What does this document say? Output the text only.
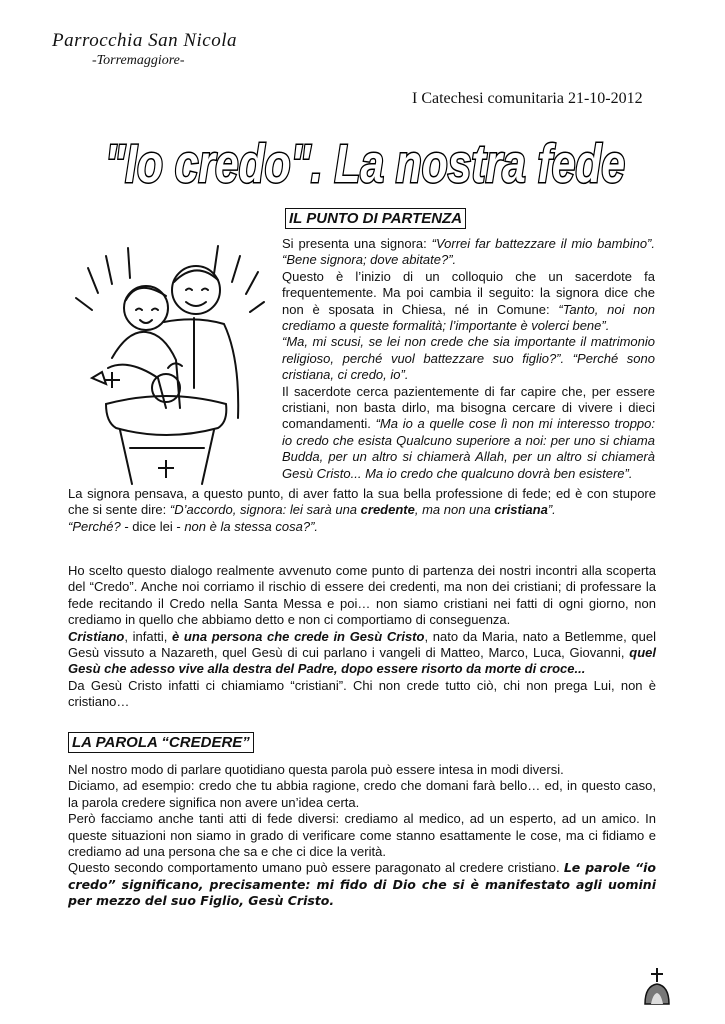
Parrocchia San Nicola
-Torremaggiore-
I Catechesi comunitaria 21-10-2012
"Io credo". La nostra fede
IL PUNTO DI PARTENZA

Si presenta una signora: “Vorrei far battezzare il mio bambino”. “Bene signora; dove abitate?”.

Questo è l’inizio di un colloquio che un sacerdote fa frequentemente. Ma poi cambia il seguito: la signora dice che non è sposata in Chiesa, né in Comune: “Tanto, noi non crediamo a queste formalità; l’importante è volerci bene”.

“Ma, mi scusi, se lei non crede che sia importante il matrimonio religioso, perché vuol battezzare suo figlio?”. “Perché sono cristiana, ci credo, io”.

Il sacerdote cerca pazientemente di far capire che, per essere cristiani, non basta dirlo, ma bisogna cercare di vivere i dieci comandamenti. “Ma io a quelle cose lì non mi interesso troppo: io credo che esista Qualcuno superiore a noi: per uno si chiama Budda, per un altro si chiamerà Allah, per un altro si chiamerà Gesù Cristo... Ma io credo che qualcuno dovrà ben esistere”.

La signora pensava, a questo punto, di aver fatto la sua bella professione di fede; ed è con stupore che si sente dire: “D’accordo, signora: lei sarà una credente, ma non una cristiana”.

“Perché? - dice lei - non è la stessa cosa?”.

Ho scelto questo dialogo realmente avvenuto come punto di partenza dei nostri incontri alla scoperta del “Credo”. Anche noi corriamo il rischio di essere dei credenti, ma non dei cristiani; di professare la fede recitando il Credo nella Santa Messa e poi… non siamo cristiani nei fatti di ogni giorno, non crediamo in quello che abbiamo detto e non ci comportiamo di conseguenza.

Cristiano, infatti, è una persona che crede in Gesù Cristo, nato da Maria, nato a Betlemme, quel Gesù vissuto a Nazareth, quel Gesù di cui parlano i vangeli di Matteo, Marco, Luca, Giovanni, quel Gesù che adesso vive alla destra del Padre, dopo essere risorto da morte di croce...

Da Gesù Cristo infatti ci chiamiamo “cristiani”. Chi non crede tutto ciò, chi non prega Lui, non è cristiano…

LA PAROLA “CREDERE”

Nel nostro modo di parlare quotidiano questa parola può essere intesa in modi diversi.

Diciamo, ad esempio: credo che tu abbia ragione, credo che domani farà bello… ed, in questo caso, la parola credere significa non avere un’idea certa.

Però facciamo anche tanti atti di fede diversi: crediamo al medico, ad un esperto, ad un amico. In queste situazioni non siamo in grado di verificare come stanno esattamente le cose, ma ci fidiamo e crediamo ad una persona che sa e che ci dice la verità.

Questo secondo comportamento umano può essere paragonato al credere cristiano. Le parole “io credo” significano, precisamente: mi fido di Dio che si è manifestato agli uomini per mezzo del suo Figlio, Gesù Cristo.
